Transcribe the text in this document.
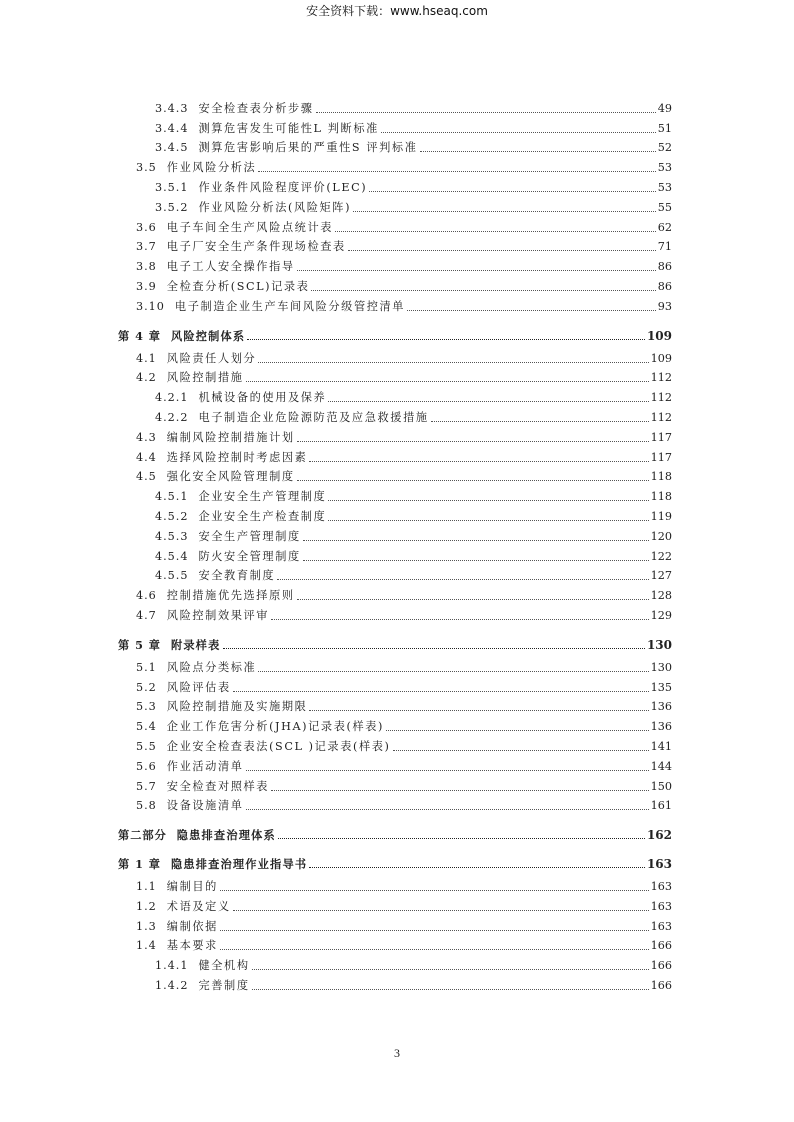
安全资料下载：www.hseaq.com
3.4.3 安全检查表分析步骤	49
3.4.4 测算危害发生可能性L 判断标准	51
3.4.5 测算危害影响后果的严重性S 评判标准	52
3.5 作业风险分析法	53
3.5.1 作业条件风险程度评价(LEC)	53
3.5.2 作业风险分析法(风险矩阵)	55
3.6 电子车间全生产风险点统计表	62
3.7 电子厂安全生产条件现场检查表	71
3.8 电子工人安全操作指导	86
3.9 全检查分析(SCL)记录表	86
3.10 电子制造企业生产车间风险分级管控清单	93
第 4 章 风险控制体系	109
4.1 风险责任人划分	109
4.2 风险控制措施	112
4.2.1 机械设备的使用及保养	112
4.2.2 电子制造企业危险源防范及应急救援措施	112
4.3 编制风险控制措施计划	117
4.4 选择风险控制时考虑因素	117
4.5 强化安全风险管理制度	118
4.5.1 企业安全生产管理制度	118
4.5.2 企业安全生产检查制度	119
4.5.3 安全生产管理制度	120
4.5.4 防火安全管理制度	122
4.5.5 安全教育制度	127
4.6 控制措施优先选择原则	128
4.7 风险控制效果评审	129
第 5 章 附录样表	130
5.1 风险点分类标准	130
5.2 风险评估表	135
5.3 风险控制措施及实施期限	136
5.4 企业工作危害分析(JHA)记录表(样表)	136
5.5 企业安全检查表法(SCL )记录表(样表)	141
5.6 作业活动清单	144
5.7 安全检查对照样表	150
5.8 设备设施清单	161
第二部分 隐患排查治理体系	162
第 1 章 隐患排查治理作业指导书	163
1.1 编制目的	163
1.2 术语及定义	163
1.3 编制依据	163
1.4 基本要求	166
1.4.1 健全机构	166
1.4.2 完善制度	166
3
